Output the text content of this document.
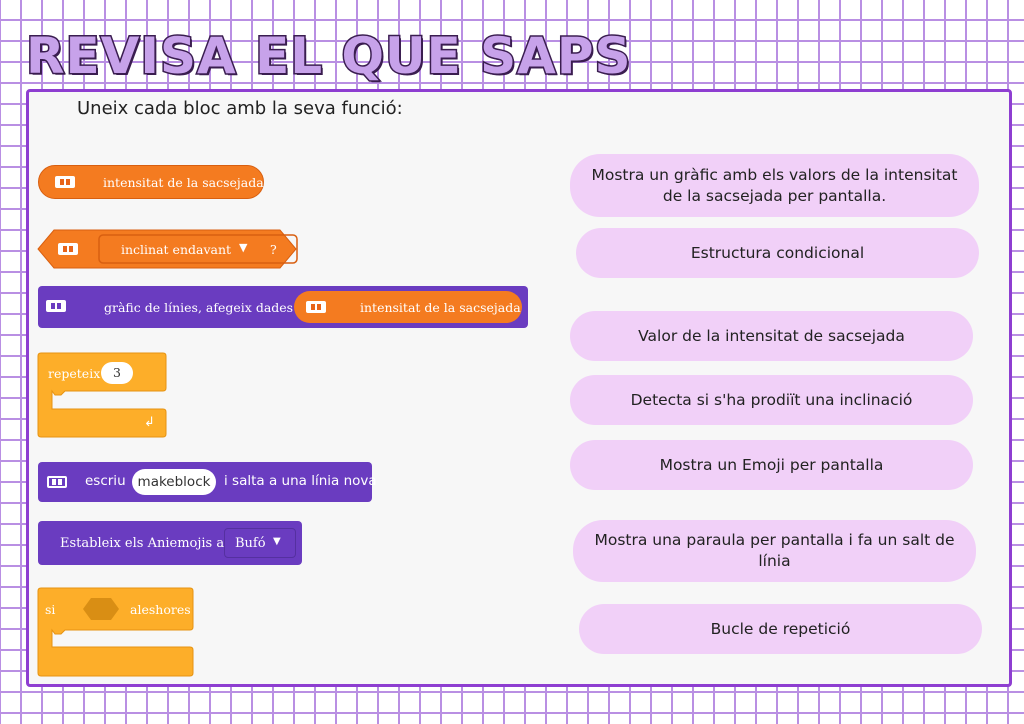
REVISA EL QUE SAPS
Uneix cada bloc amb la seva funció:
intensitat de la sacsejada
inclinat endavant ▼ ?
gràfic de línies, afegeix dades	intensitat de la sacsejada
repeteix	3
↲
escriu makeblock	i salta a una línia nova
Estableix els Aniemojis a Bufó ▼
si	aleshores
Mostra un gràfic amb els valors de la intensitat de la sacsejada per pantalla.
Estructura condicional
Valor de la intensitat de sacsejada
Detecta si s'ha prodiït una inclinació
Mostra un Emoji per pantalla
Mostra una paraula per pantalla i fa un salt de línia
Bucle de repetició
